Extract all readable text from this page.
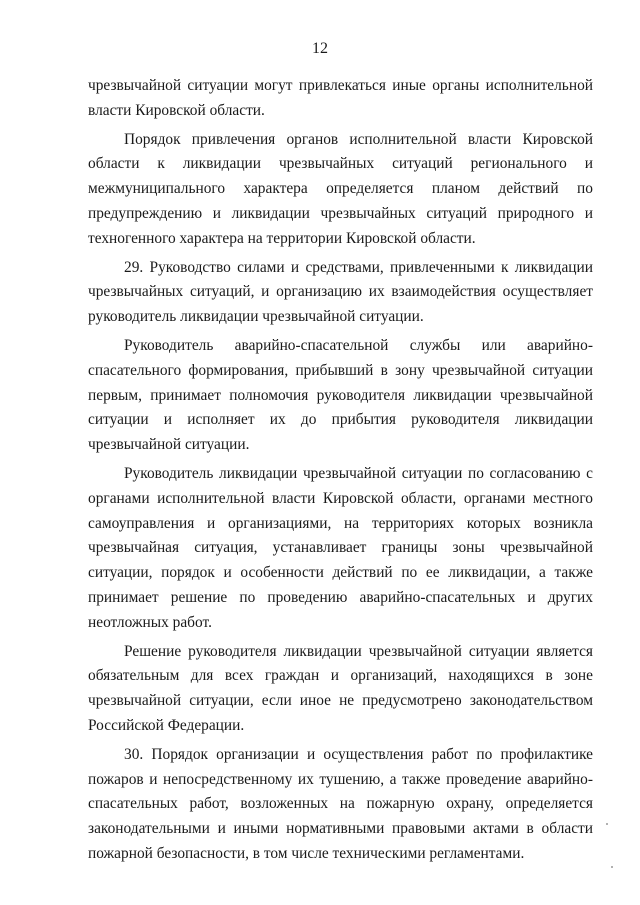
12

чрезвычайной ситуации могут привлекаться иные органы исполнительной власти Кировской области.

Порядок привлечения органов исполнительной власти Кировской области к ликвидации чрезвычайных ситуаций регионального и межмуниципального характера определяется планом действий по предупреждению и ликвидации чрезвычайных ситуаций природного и техногенного характера на территории Кировской области.

29. Руководство силами и средствами, привлеченными к ликвидации чрезвычайных ситуаций, и организацию их взаимодействия осуществляет руководитель ликвидации чрезвычайной ситуации.

Руководитель аварийно-спасательной службы или аварийно-спасательного формирования, прибывший в зону чрезвычайной ситуации первым, принимает полномочия руководителя ликвидации чрезвычайной ситуации и исполняет их до прибытия руководителя ликвидации чрезвычайной ситуации.

Руководитель ликвидации чрезвычайной ситуации по согласованию с органами исполнительной власти Кировской области, органами местного самоуправления и организациями, на территориях которых возникла чрезвычайная ситуация, устанавливает границы зоны чрезвычайной ситуации, порядок и особенности действий по ее ликвидации, а также принимает решение по проведению аварийно-спасательных и других неотложных работ.

Решение руководителя ликвидации чрезвычайной ситуации является обязательным для всех граждан и организаций, находящихся в зоне чрезвычайной ситуации, если иное не предусмотрено законодательством Российской Федерации.

30. Порядок организации и осуществления работ по профилактике пожаров и непосредственному их тушению, а также проведение аварийно-спасательных работ, возложенных на пожарную охрану, определяется законодательными и иными нормативными правовыми актами в области пожарной безопасности, в том числе техническими регламентами.
